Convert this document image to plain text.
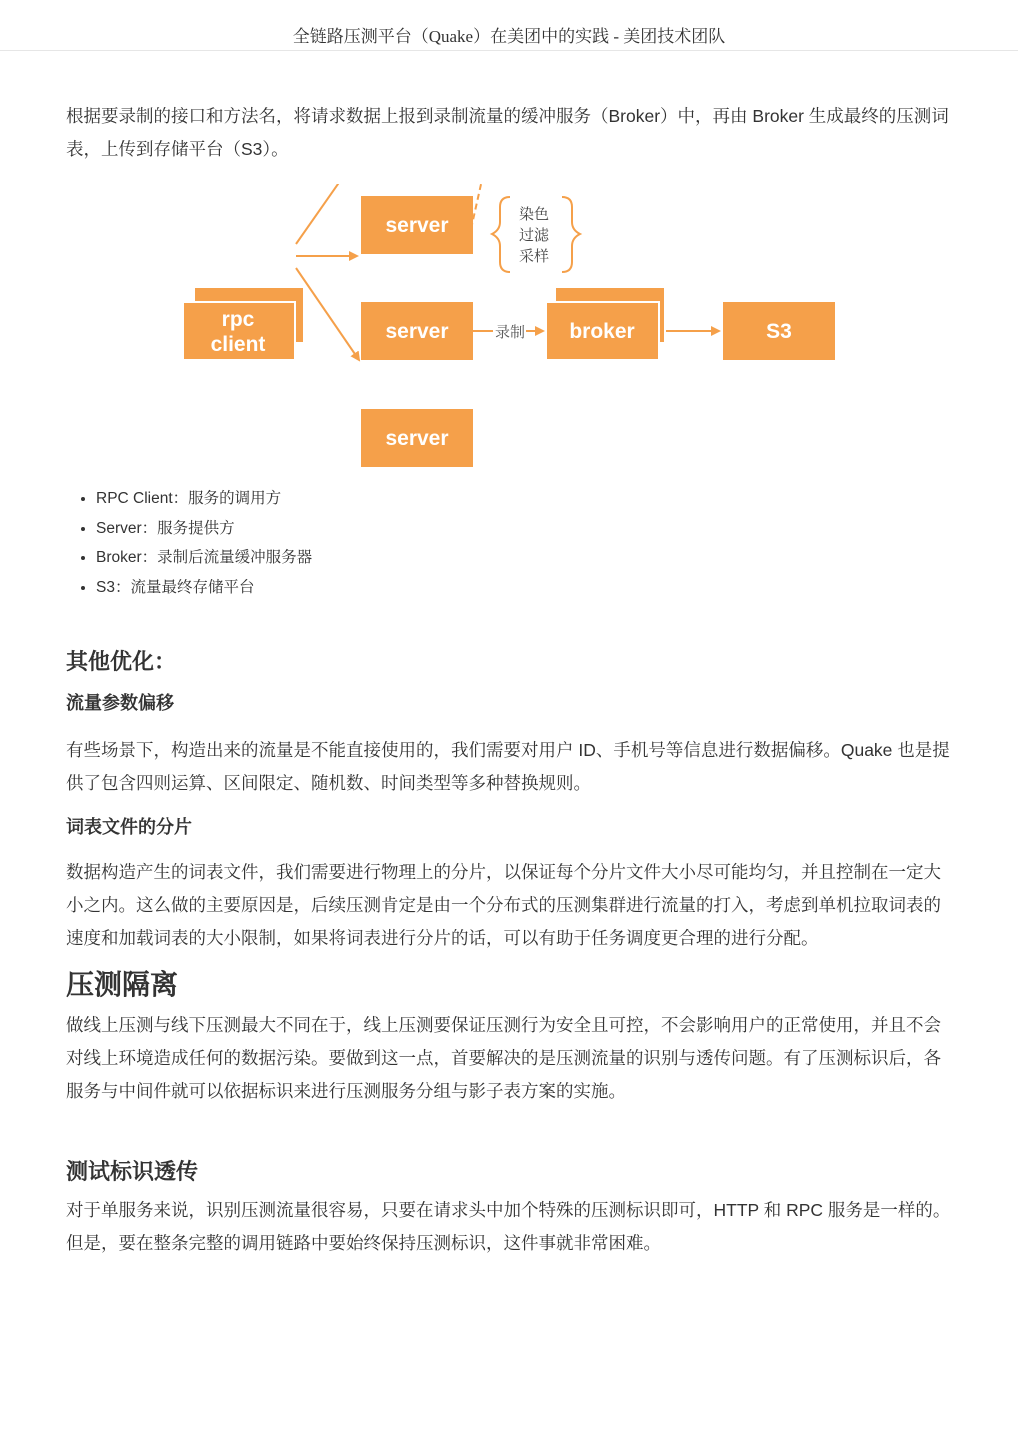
全链路压测平台（Quake）在美团中的实践 - 美团技术团队

根据要录制的接口和方法名，将请求数据上报到录制流量的缓冲服务（Broker）中，再由 Broker 生成最终的压测词表，上传到存储平台（S3）。

rpc
client
server
server	录制 broker	S3
染色
过滤
采样
server
• RPC Client：服务的调用方
• Server：服务提供方
• Broker：录制后流量缓冲服务器
• S3：流量最终存储平台
其他优化：
流量参数偏移

有些场景下，构造出来的流量是不能直接使用的，我们需要对用户 ID、手机号等信息进行数据偏移。Quake 也是提供了包含四则运算、区间限定、随机数、时间类型等多种替换规则。

词表文件的分片

数据构造产生的词表文件，我们需要进行物理上的分片，以保证每个分片文件大小尽可能均匀，并且控制在一定大小之内。这么做的主要原因是，后续压测肯定是由一个分布式的压测集群进行流量的打入，考虑到单机拉取词表的速度和加载词表的大小限制，如果将词表进行分片的话，可以有助于任务调度更合理的进行分配。

压测隔离

做线上压测与线下压测最大不同在于，线上压测要保证压测行为安全且可控，不会影响用户的正常使用，并且不会对线上环境造成任何的数据污染。要做到这一点，首要解决的是压测流量的识别与透传问题。有了压测标识后，各服务与中间件就可以依据标识来进行压测服务分组与影子表方案的实施。

测试标识透传

对于单服务来说，识别压测流量很容易，只要在请求头中加个特殊的压测标识即可，HTTP 和 RPC 服务是一样的。但是，要在整条完整的调用链路中要始终保持压测标识，这件事就非常困难。
